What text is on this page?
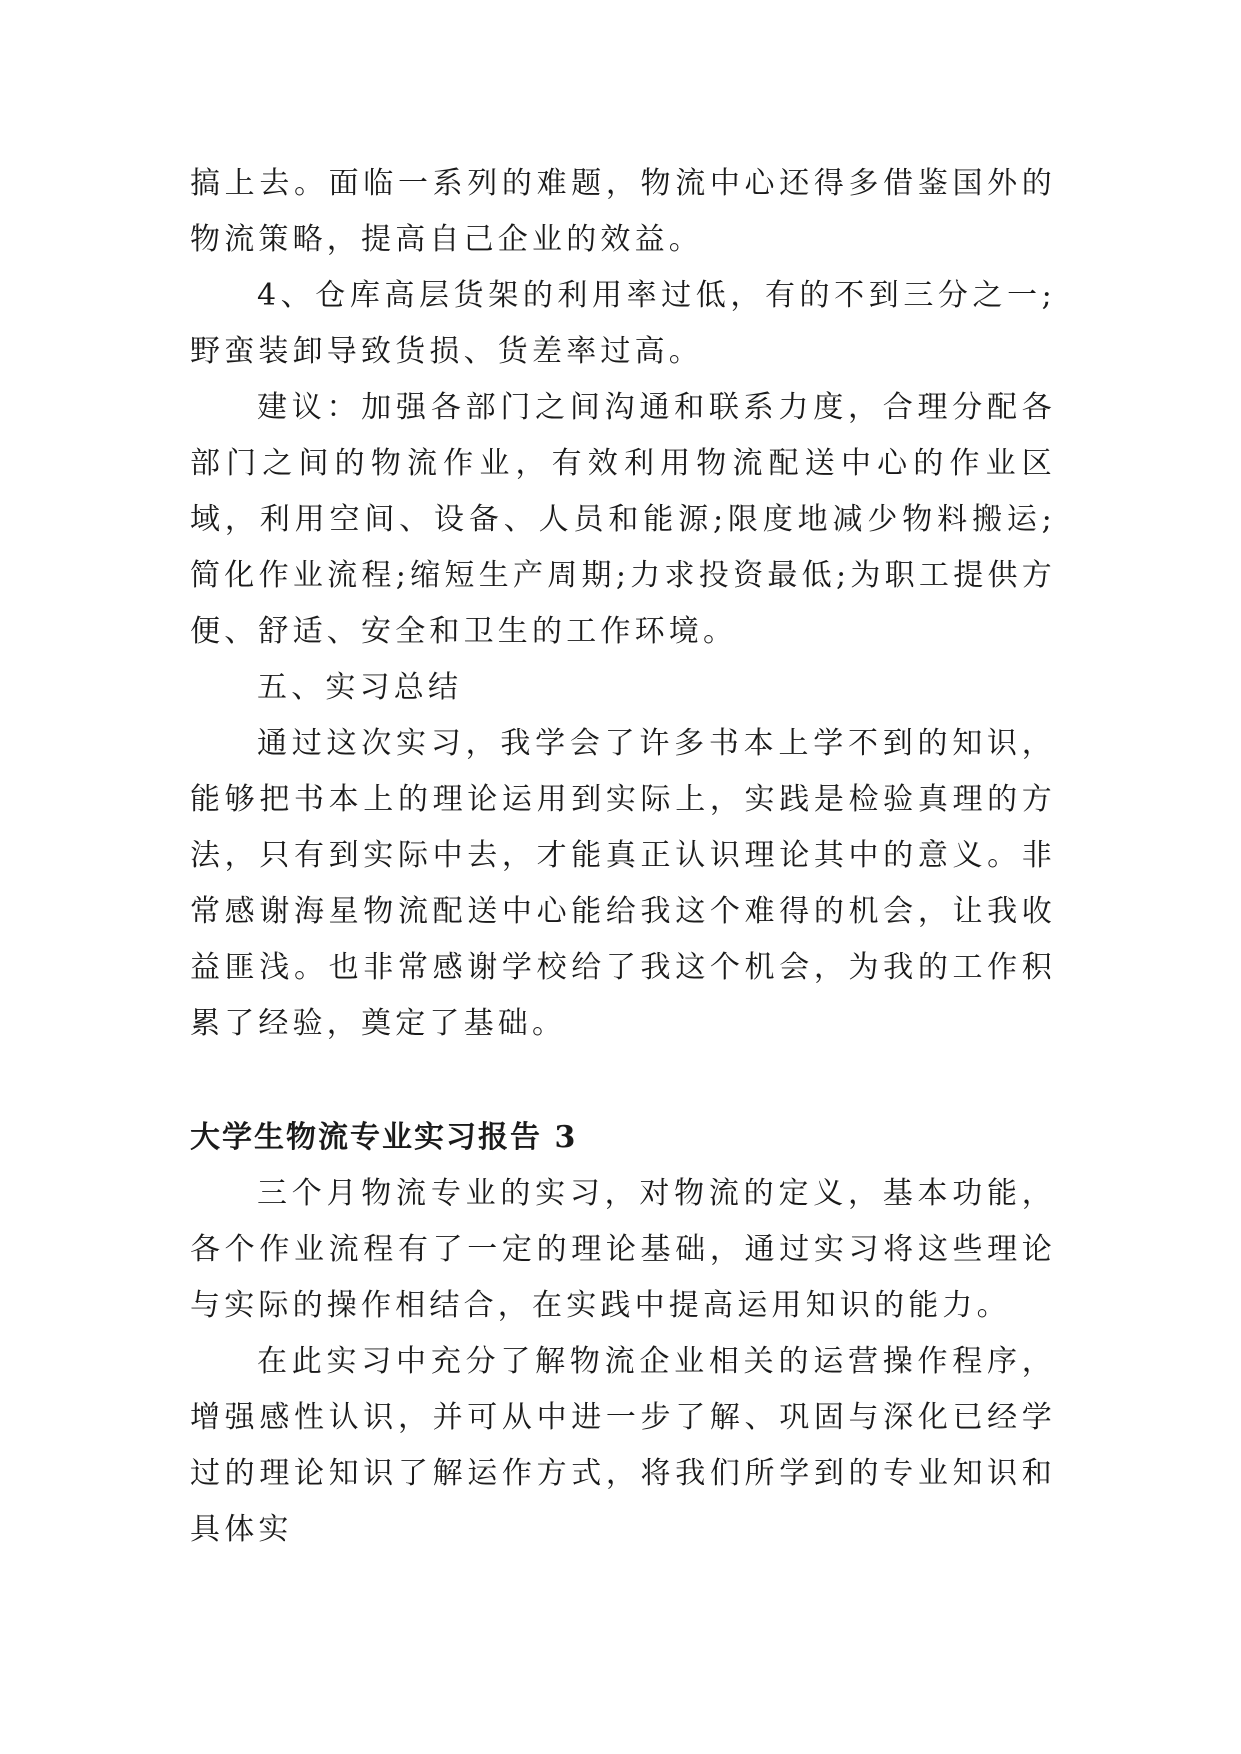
搞上去。面临一系列的难题，物流中心还得多借鉴国外的物流策略，提高自己企业的效益。

4、仓库高层货架的利用率过低，有的不到三分之一;野蛮装卸导致货损、货差率过高。

建议：加强各部门之间沟通和联系力度，合理分配各部门之间的物流作业，有效利用物流配送中心的作业区域，利用空间、设备、人员和能源;限度地减少物料搬运;简化作业流程;缩短生产周期;力求投资最低;为职工提供方便、舒适、安全和卫生的工作环境。

五、实习总结

通过这次实习，我学会了许多书本上学不到的知识，能够把书本上的理论运用到实际上，实践是检验真理的方法，只有到实际中去，才能真正认识理论其中的意义。非常感谢海星物流配送中心能给我这个难得的机会，让我收益匪浅。也非常感谢学校给了我这个机会，为我的工作积累了经验，奠定了基础。

大学生物流专业实习报告 3

三个月物流专业的实习，对物流的定义，基本功能，各个作业流程有了一定的理论基础，通过实习将这些理论与实际的操作相结合，在实践中提高运用知识的能力。

在此实习中充分了解物流企业相关的运营操作程序，增强感性认识，并可从中进一步了解、巩固与深化已经学过的理论知识了解运作方式，将我们所学到的专业知识和具体实
